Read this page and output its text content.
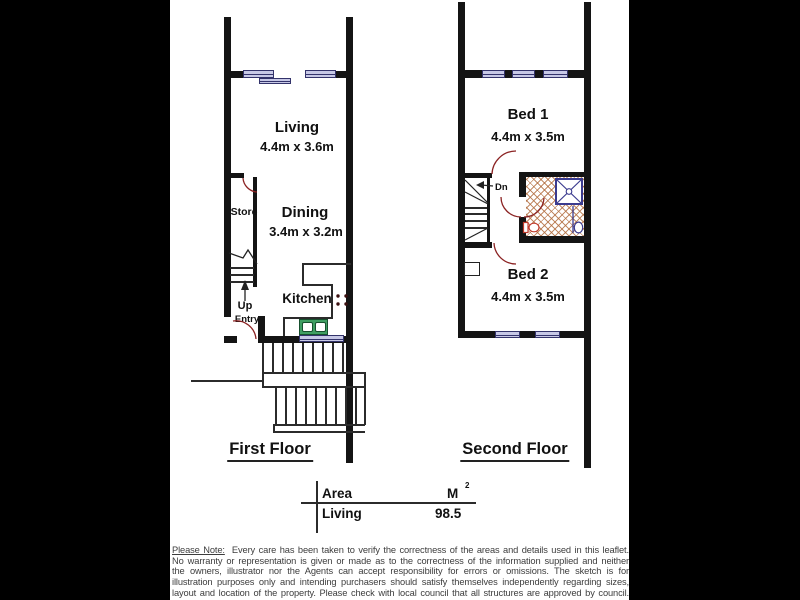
Living
4.4m x 3.6m
Dining
3.4m x 3.2m
Store
Kitchen
Up
Entry
First Floor
Bed 1
4.4m x 3.5m
Bed 2
4.4m x 3.5m
Dn
Second Floor
Area	M
2
Living	98.5
Please Note: Every care has been taken to verify the correctness of the areas and details used in this leaflet.
No warranty or representation is given or made as to the correctness of the information supplied and neither
the owners, illustrator nor the Agents can accept responsibility for errors or omissions. The sketch is for
illustration purposes only and intending purchasers should satisfy themselves independently regarding sizes,
layout and location of the property. Please check with local council that all structures are approved by council.
